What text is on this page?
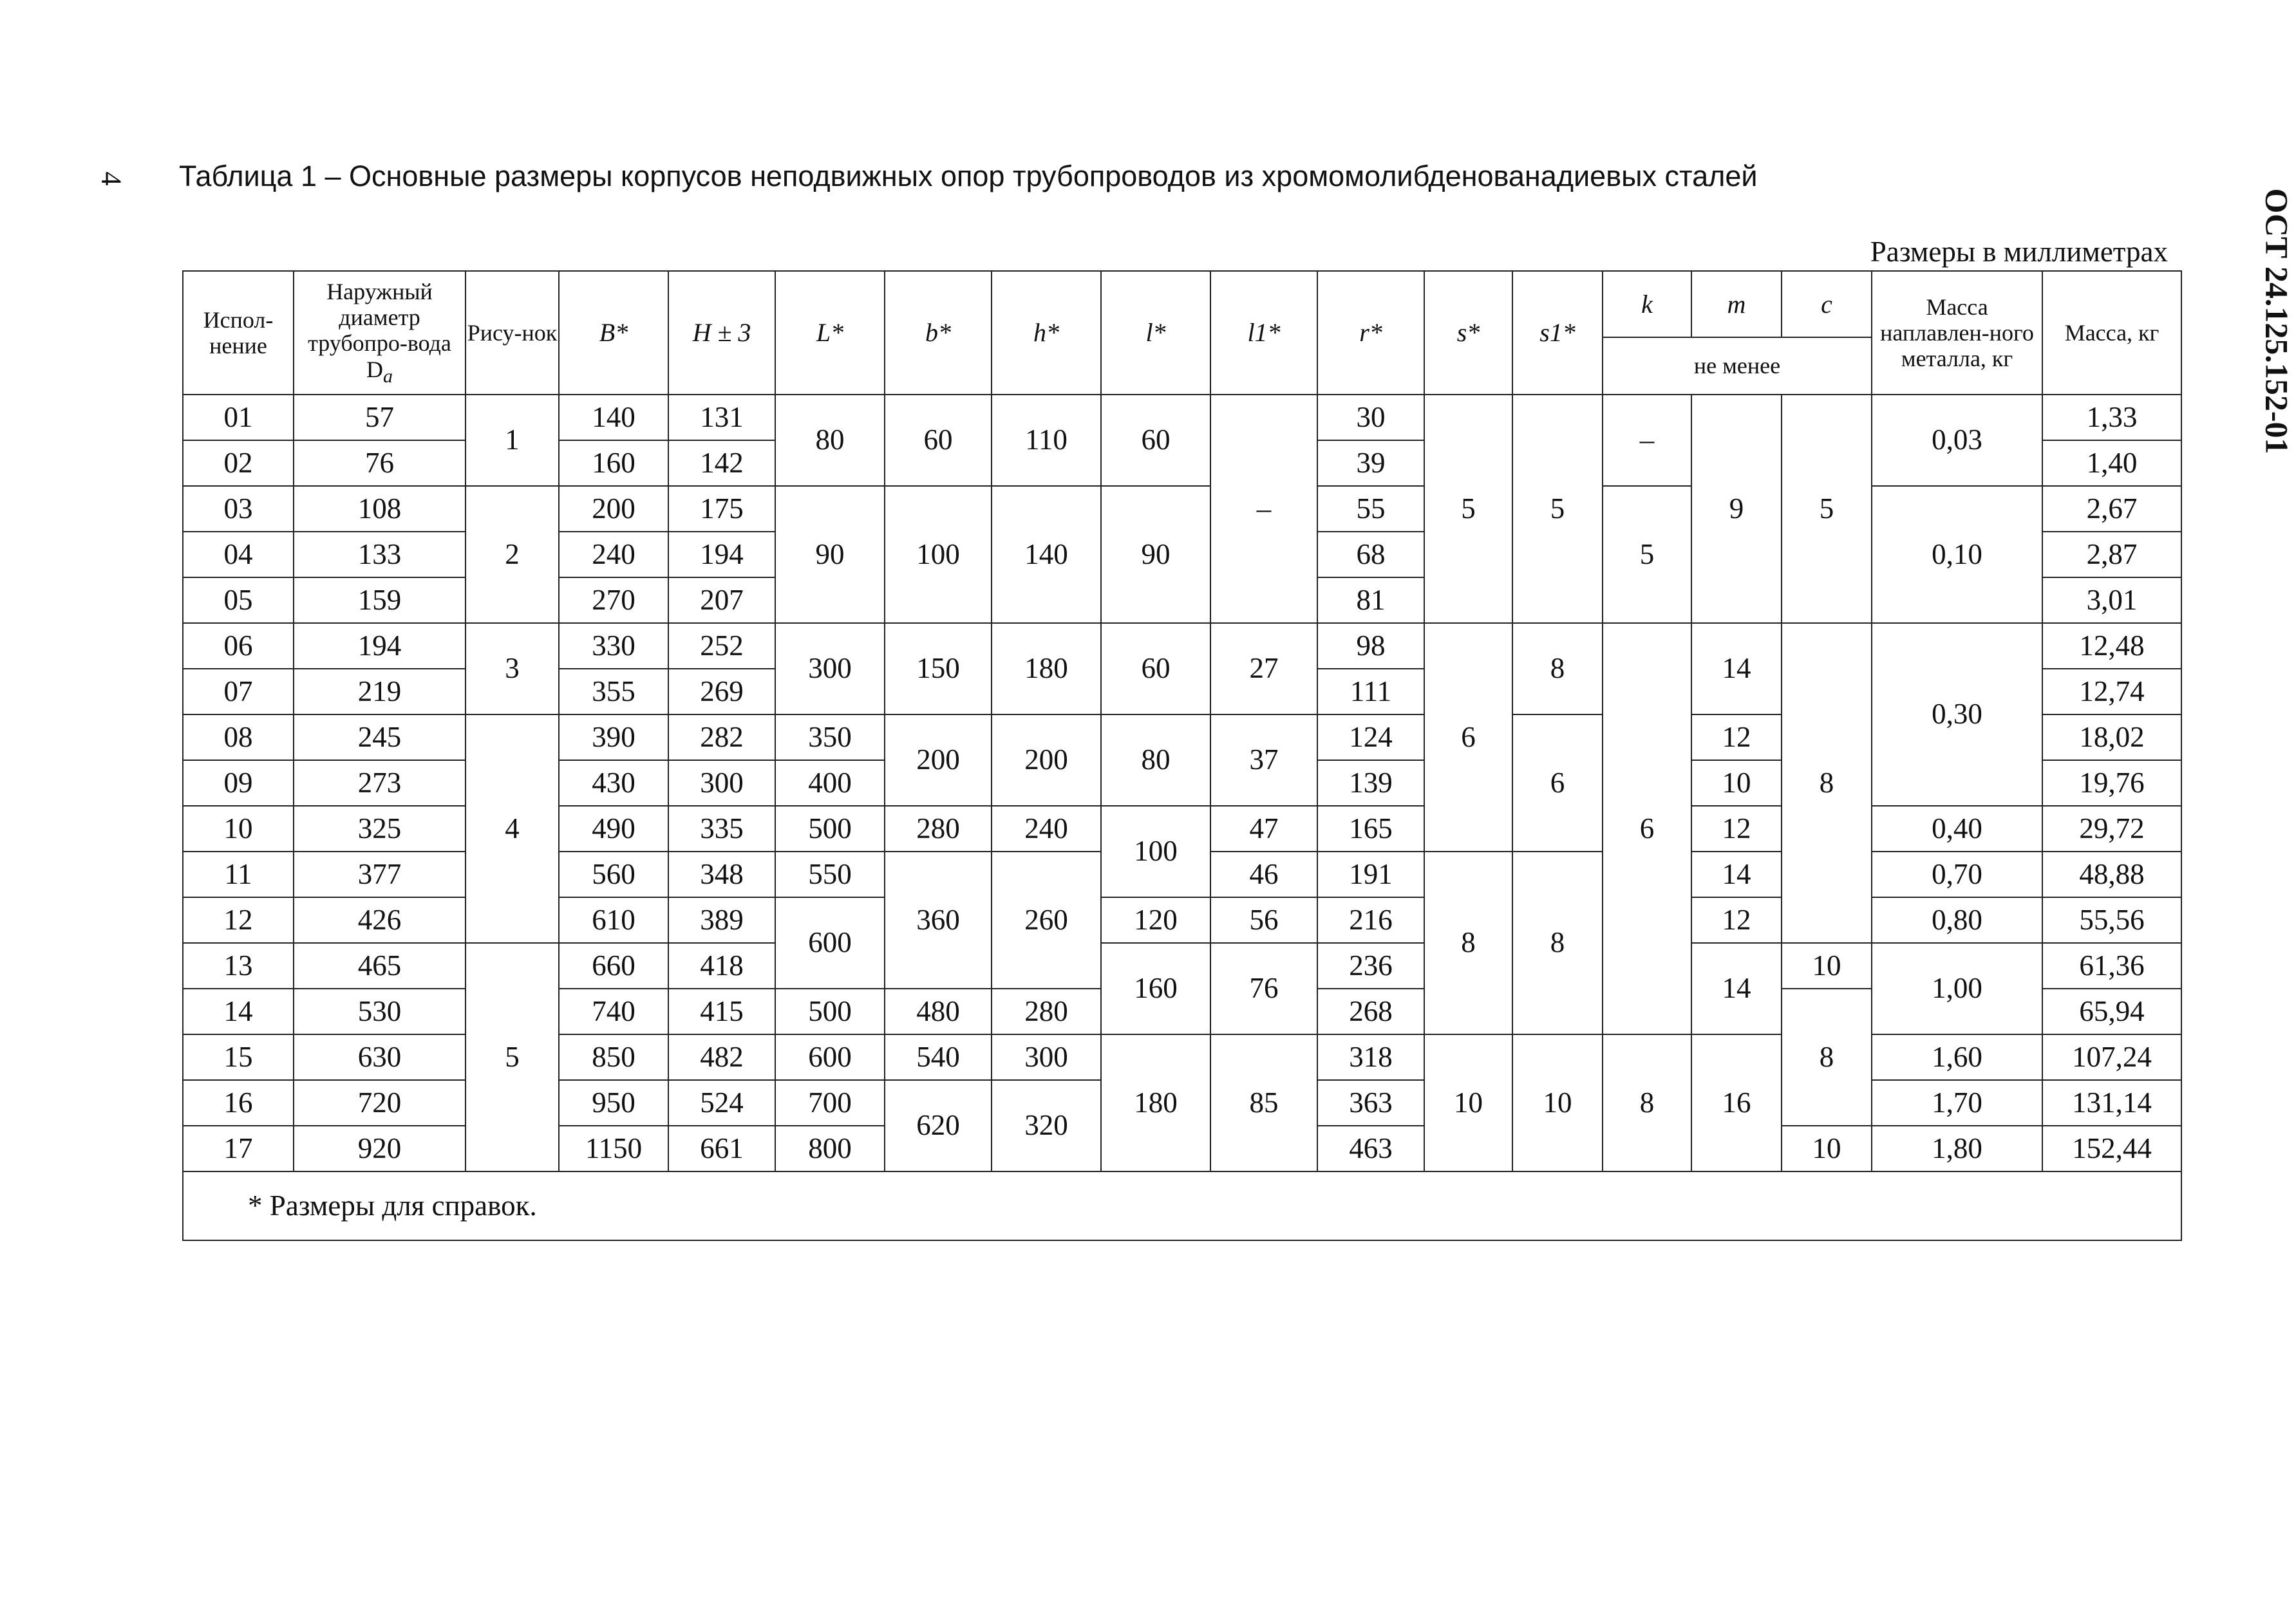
4 Таблица 1 – Основные размеры корпусов неподвижных опор трубопроводов из хромомолибденованадиевых сталей
ОСТ 24.125.152-01
Размеры в миллиметрах
Испол-нение	Наружный диаметр трубопро-вода $D_a$	Рису-нок	B*	H ± 3	L*	b*	h*	l*	l1*	r*	s*	s1*	k	m	c	Масса наплавлен-ного металла, кг	Масса, кг
													не менее				
01	57	1	140	131	80	60	110	60	–	30	5	5	–	9	5	0,03	1,33
02	76		160	142						39							1,40
03	108	2	200	175	90	100	140	90		55			5			0,10	2,67
04	133		240	194						68							2,87
05	159		270	207						81							3,01
06	194	3	330	252	300	150	180	60	27	98	6	8	6	14	8	0,30	12,48
07	219		355	269						111							12,74
08	245	4	390	282	350	200	200	80	37	124		6		12			18,02
09	273		430	300	400					139				10			19,76
10	325		490	335	500	280	240	100	47	165				12		0,40	29,72
11	377		560	348	550	360	260		46	191	8	8		14		0,70	48,88
12	426		610	389	600			120	56	216				12		0,80	55,56
13	465	5	660	418				160	76	236				14	10	1,00	61,36
14	530		740	415	500	480	280			268					8		65,94
15	630		850	482	600	540	300	180	85	318	10	10	8	16		1,60	107,24
16	720		950	524	700	620	320			363						1,70	131,14
17	920		1150	661	800					463					10	1,80	152,44
* Размеры для справок.																	
